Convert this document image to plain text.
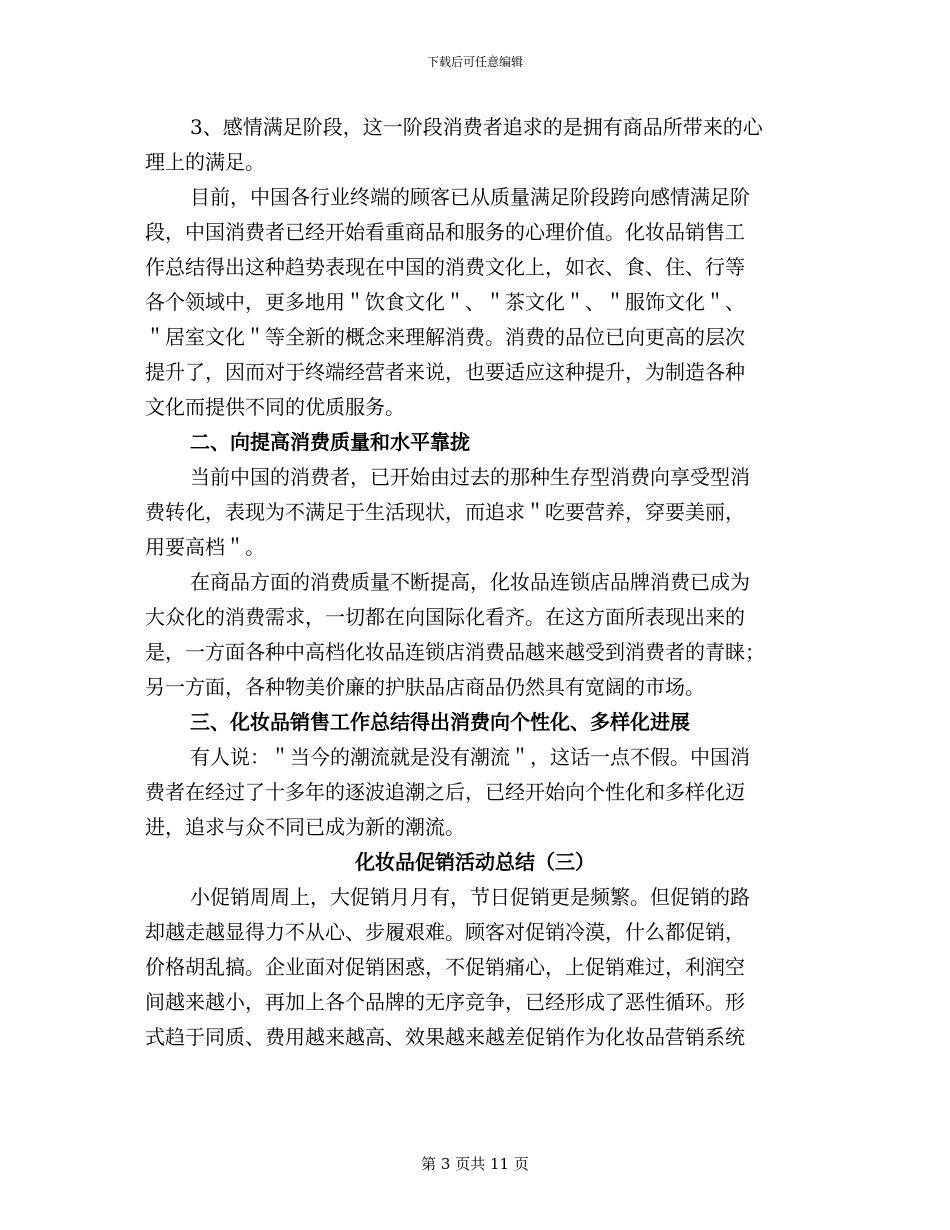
下载后可任意编辑
3、感情满足阶段，这一阶段消费者追求的是拥有商品所带来的心
理上的满足。
目前，中国各行业终端的顾客已从质量满足阶段跨向感情满足阶
段，中国消费者已经开始看重商品和服务的心理价值。化妆品销售工
作总结得出这种趋势表现在中国的消费文化上，如衣、食、住、行等
各个领域中，更多地用＂饮食文化＂、＂茶文化＂、＂服饰文化＂、
＂居室文化＂等全新的概念来理解消费。消费的品位已向更高的层次
提升了，因而对于终端经营者来说，也要适应这种提升，为制造各种
文化而提供不同的优质服务。
二、向提高消费质量和水平靠拢
当前中国的消费者，已开始由过去的那种生存型消费向享受型消
费转化，表现为不满足于生活现状，而追求＂吃要营养，穿要美丽，
用要高档＂。
在商品方面的消费质量不断提高，化妆品连锁店品牌消费已成为
大众化的消费需求，一切都在向国际化看齐。在这方面所表现出来的
是，一方面各种中高档化妆品连锁店消费品越来越受到消费者的青睐；
另一方面，各种物美价廉的护肤品店商品仍然具有宽阔的市场。
三、化妆品销售工作总结得出消费向个性化、多样化进展
有人说：＂当今的潮流就是没有潮流＂，这话一点不假。中国消
费者在经过了十多年的逐波追潮之后，已经开始向个性化和多样化迈
进，追求与众不同已成为新的潮流。
化妆品促销活动总结（三）
小促销周周上，大促销月月有，节日促销更是频繁。但促销的路
却越走越显得力不从心、步履艰难。顾客对促销冷漠，什么都促销，
价格胡乱搞。企业面对促销困惑，不促销痛心，上促销难过，利润空
间越来越小，再加上各个品牌的无序竞争，已经形成了恶性循环。形
式趋于同质、费用越来越高、效果越来越差促销作为化妆品营销系统
第 3 页共 11 页
